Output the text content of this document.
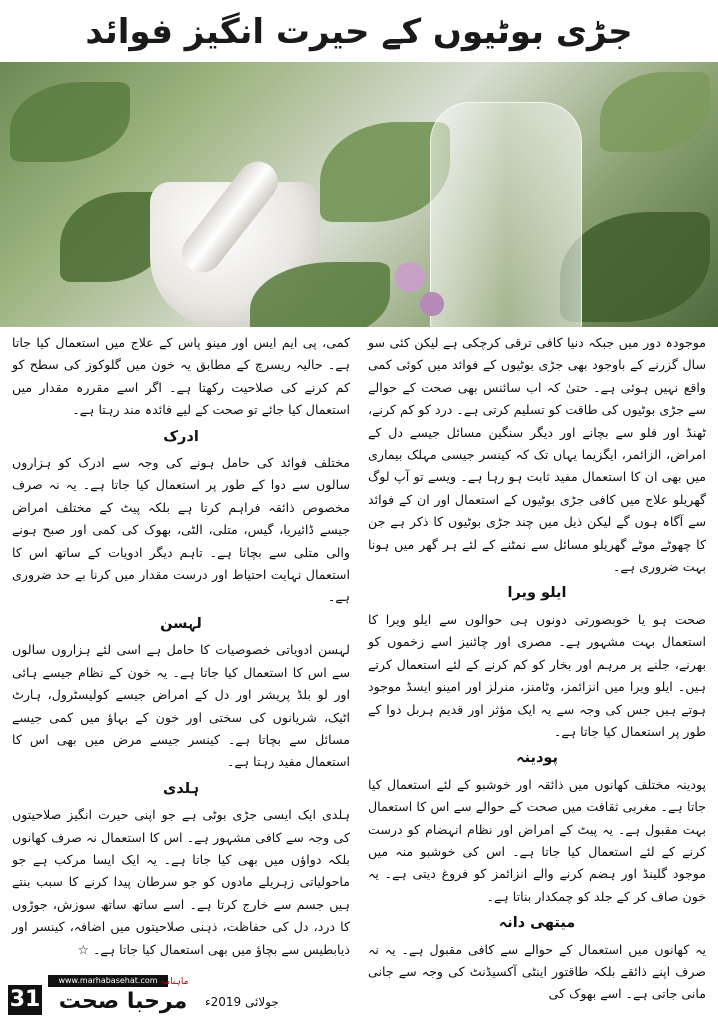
جڑی بوٹیوں کے حیرت انگیز فوائد

موجودہ دور میں جبکہ دنیا کافی ترقی کرچکی ہے لیکن کئی سو سال گزرنے کے باوجود بھی جڑی بوٹیوں کے فوائد میں کوئی کمی واقع نہیں ہوئی ہے۔ حتیٰ کہ اب سائنس بھی صحت کے حوالے سے جڑی بوٹیوں کی طاقت کو تسلیم کرتی ہے۔ درد کو کم کرنے، ٹھنڈ اور فلو سے بچانے اور دیگر سنگین مسائل جیسے دل کے امراض، الزائمر، ایگزیما یہاں تک کہ کینسر جیسی مہلک بیماری میں بھی ان کا استعمال مفید ثابت ہو رہا ہے۔ ویسے تو آپ لوگ گھریلو علاج میں کافی جڑی بوٹیوں کے استعمال اور ان کے فوائد سے آگاہ ہوں گے لیکن ذیل میں چند جڑی بوٹیوں کا ذکر ہے جن کا چھوٹے موٹے گھریلو مسائل سے نمٹنے کے لئے ہر گھر میں ہونا بہت ضروری ہے۔

ایلو ویرا

صحت ہو یا خوبصورتی دونوں ہی حوالوں سے ایلو ویرا کا استعمال بہت مشہور ہے۔ مصری اور چائنیز اسے زخموں کو بھرنے، جلنے پر مرہم اور بخار کو کم کرنے کے لئے استعمال کرتے ہیں۔ ایلو ویرا میں انزائمز، وٹامنز، منرلز اور امینو ایسڈ موجود ہوتے ہیں جس کی وجہ سے یہ ایک مؤثر اور قدیم ہربل دوا کے طور پر استعمال کیا جاتا ہے۔

پودینہ

پودینہ مختلف کھانوں میں ذائقہ اور خوشبو کے لئے استعمال کیا جاتا ہے۔ مغربی ثقافت میں صحت کے حوالے سے اس کا استعمال بہت مقبول ہے۔ یہ پیٹ کے امراض اور نظام انہضام کو درست کرنے کے لئے استعمال کیا جاتا ہے۔ اس کی خوشبو منہ میں موجود گلینڈ اور ہضم کرنے والے انزائمز کو فروغ دیتی ہے۔ یہ خون صاف کر کے جلد کو چمکدار بناتا ہے۔

میتھی دانہ

یہ کھانوں میں استعمال کے حوالے سے کافی مقبول ہے۔ یہ نہ صرف اپنے ذائقے بلکہ طاقتور اینٹی آکسیڈنٹ کی وجہ سے جانی مانی جاتی ہے۔ اسے بھوک کی

کمی، پی ایم ایس اور مینو پاس کے علاج میں استعمال کیا جاتا ہے۔ حالیہ ریسرچ کے مطابق یہ خون میں گلوکوز کی سطح کو کم کرنے کی صلاحیت رکھتا ہے۔ اگر اسے مقررہ مقدار میں استعمال کیا جائے تو صحت کے لیے فائدہ مند رہتا ہے۔

ادرک

مختلف فوائد کی حامل ہونے کی وجہ سے ادرک کو ہزاروں سالوں سے دوا کے طور پر استعمال کیا جاتا ہے۔ یہ نہ صرف مخصوص ذائقہ فراہم کرتا ہے بلکہ پیٹ کے مختلف امراض جیسے ڈائیریا، گیس، متلی، الٹی، بھوک کی کمی اور صبح ہونے والی متلی سے بچاتا ہے۔ تاہم دیگر ادویات کے ساتھ اس کا استعمال نہایت احتیاط اور درست مقدار میں کرنا بے حد ضروری ہے۔

لہسن

لہسن ادویاتی خصوصیات کا حامل ہے اسی لئے ہزاروں سالوں سے اس کا استعمال کیا جاتا ہے۔ یہ خون کے نظام جیسے ہائی اور لو بلڈ پریشر اور دل کے امراض جیسے کولیسٹرول، ہارٹ اٹیک، شریانوں کی سختی اور خون کے بہاؤ میں کمی جیسے مسائل سے بچاتا ہے۔ کینسر جیسے مرض میں بھی اس کا استعمال مفید رہتا ہے۔

ہلدی

ہلدی ایک ایسی جڑی بوٹی ہے جو اپنی حیرت انگیز صلاحیتوں کی وجہ سے کافی مشہور ہے۔ اس کا استعمال نہ صرف کھانوں بلکہ دواؤں میں بھی کیا جاتا ہے۔ یہ ایک ایسا مرکب ہے جو ماحولیاتی زہریلے مادوں کو جو سرطان پیدا کرنے کا سبب بنتے ہیں جسم سے خارج کرتا ہے۔ اسے ساتھ ساتھ سوزش، جوڑوں کا درد، دل کی حفاظت، ذہنی صلاحیتوں میں اضافہ، کینسر اور ذیابطیس سے بچاؤ میں بھی استعمال کیا جاتا ہے۔ ☆

31
www.marhabasehat.com
مرحبا صحت
ماہنامہ
جولائی 2019ء
